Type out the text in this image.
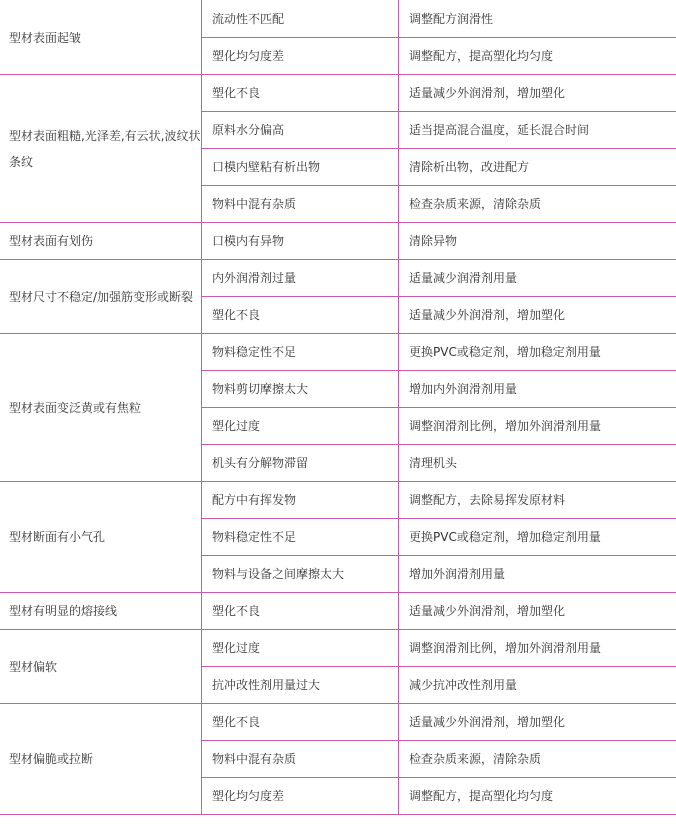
型材表面起皱	流动性不匹配	调整配方润滑性
	塑化均匀度差	调整配方，提高塑化均匀度
型材表面粗糙,光泽差,有云状,波纹状条纹	塑化不良	适量减少外润滑剂，增加塑化
	原料水分偏高	适当提高混合温度，延长混合时间
	口模内壁粘有析出物	清除析出物，改进配方
	物料中混有杂质	检查杂质来源，清除杂质
型材表面有划伤	口模内有异物	清除异物
型材尺寸不稳定/加强筋变形或断裂	内外润滑剂过量	适量减少润滑剂用量
	塑化不良	适量减少外润滑剂，增加塑化
型材表面变泛黄或有焦粒	物料稳定性不足	更换PVC或稳定剂，增加稳定剂用量
	物料剪切摩擦太大	增加内外润滑剂用量
	塑化过度	调整润滑剂比例，增加外润滑剂用量
	机头有分解物滞留	清理机头
型材断面有小气孔	配方中有挥发物	调整配方，去除易挥发原材料
	物料稳定性不足	更换PVC或稳定剂，增加稳定剂用量
	物料与设备之间摩擦太大	增加外润滑剂用量
型材有明显的熔接线	塑化不良	适量减少外润滑剂，增加塑化
型材偏软	塑化过度	调整润滑剂比例，增加外润滑剂用量
	抗冲改性剂用量过大	减少抗冲改性剂用量
型材偏脆或拉断	塑化不良	适量减少外润滑剂，增加塑化
	物料中混有杂质	检查杂质来源，清除杂质
	塑化均匀度差	调整配方，提高塑化均匀度
